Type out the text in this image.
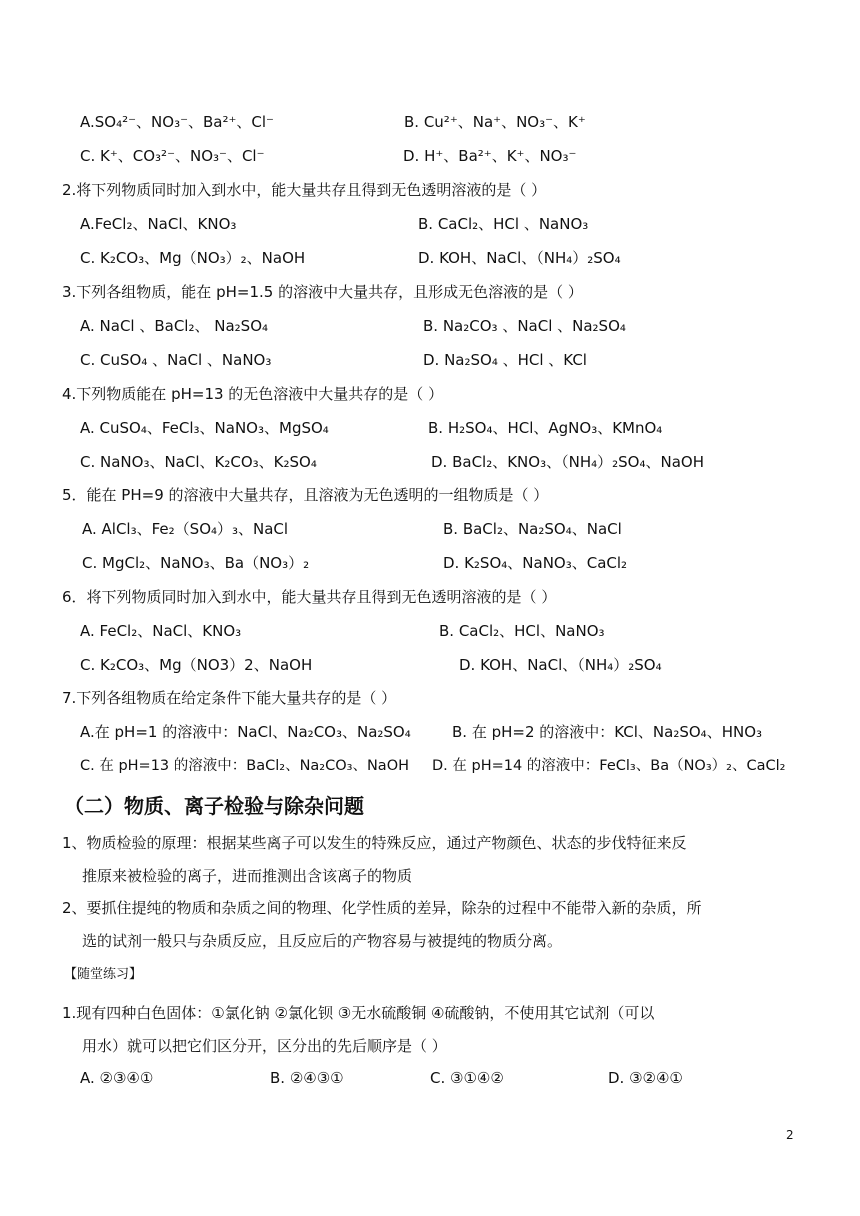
A.SO₄²⁻、NO₃⁻、Ba²⁺、Cl⁻	B. Cu²⁺、Na⁺、NO₃⁻、K⁺
C. K⁺、CO₃²⁻、NO₃⁻、Cl⁻	D. H⁺、Ba²⁺、K⁺、NO₃⁻
2.将下列物质同时加入到水中，能大量共存且得到无色透明溶液的是（ ）
A.FeCl₂、NaCl、KNO₃	B. CaCl₂、HCl 、NaNO₃
C. K₂CO₃、Mg（NO₃）₂、NaOH	D. KOH、NaCl、（NH₄）₂SO₄
3.下列各组物质，能在 pH=1.5 的溶液中大量共存，且形成无色溶液的是（ ）
A. NaCl 、BaCl₂、 Na₂SO₄	B. Na₂CO₃ 、NaCl 、Na₂SO₄
C. CuSO₄ 、NaCl 、NaNO₃	D. Na₂SO₄ 、HCl 、KCl
4.下列物质能在 pH=13 的无色溶液中大量共存的是（ ）
A. CuSO₄、FeCl₃、NaNO₃、MgSO₄	B. H₂SO₄、HCl、AgNO₃、KMnO₄
C. NaNO₃、NaCl、K₂CO₃、K₂SO₄	D. BaCl₂、KNO₃、（NH₄）₂SO₄、NaOH
5．能在 PH=9 的溶液中大量共存，且溶液为无色透明的一组物质是（ ）
A. AlCl₃、Fe₂（SO₄）₃、NaCl	B. BaCl₂、Na₂SO₄、NaCl
C. MgCl₂、NaNO₃、Ba（NO₃）₂	D. K₂SO₄、NaNO₃、CaCl₂
6．将下列物质同时加入到水中，能大量共存且得到无色透明溶液的是（ ）
A. FeCl₂、NaCl、KNO₃	B. CaCl₂、HCl、NaNO₃
C. K₂CO₃、Mg（NO3）2、NaOH	D. KOH、NaCl、（NH₄）₂SO₄
7.下列各组物质在给定条件下能大量共存的是（ ）
A.在 pH=1 的溶液中：NaCl、Na₂CO₃、Na₂SO₄	B. 在 pH=2 的溶液中：KCl、Na₂SO₄、HNO₃
C. 在 pH=13 的溶液中：BaCl₂、Na₂CO₃、NaOH D. 在 pH=14 的溶液中：FeCl₃、Ba（NO₃）₂、CaCl₂
（二）物质、离子检验与除杂问题
1、物质检验的原理：根据某些离子可以发生的特殊反应，通过产物颜色、状态的步伐特征来反
推原来被检验的离子，进而推测出含该离子的物质
2、要抓住提纯的物质和杂质之间的物理、化学性质的差异，除杂的过程中不能带入新的杂质，所
选的试剂一般只与杂质反应，且反应后的产物容易与被提纯的物质分离。
【随堂练习】
1.现有四种白色固体：①氯化钠 ②氯化钡 ③无水硫酸铜 ④硫酸钠，不使用其它试剂（可以
用水）就可以把它们区分开，区分出的先后顺序是（ ）
A. ②③④①	B. ②④③①	C. ③①④②	D. ③②④①
2
